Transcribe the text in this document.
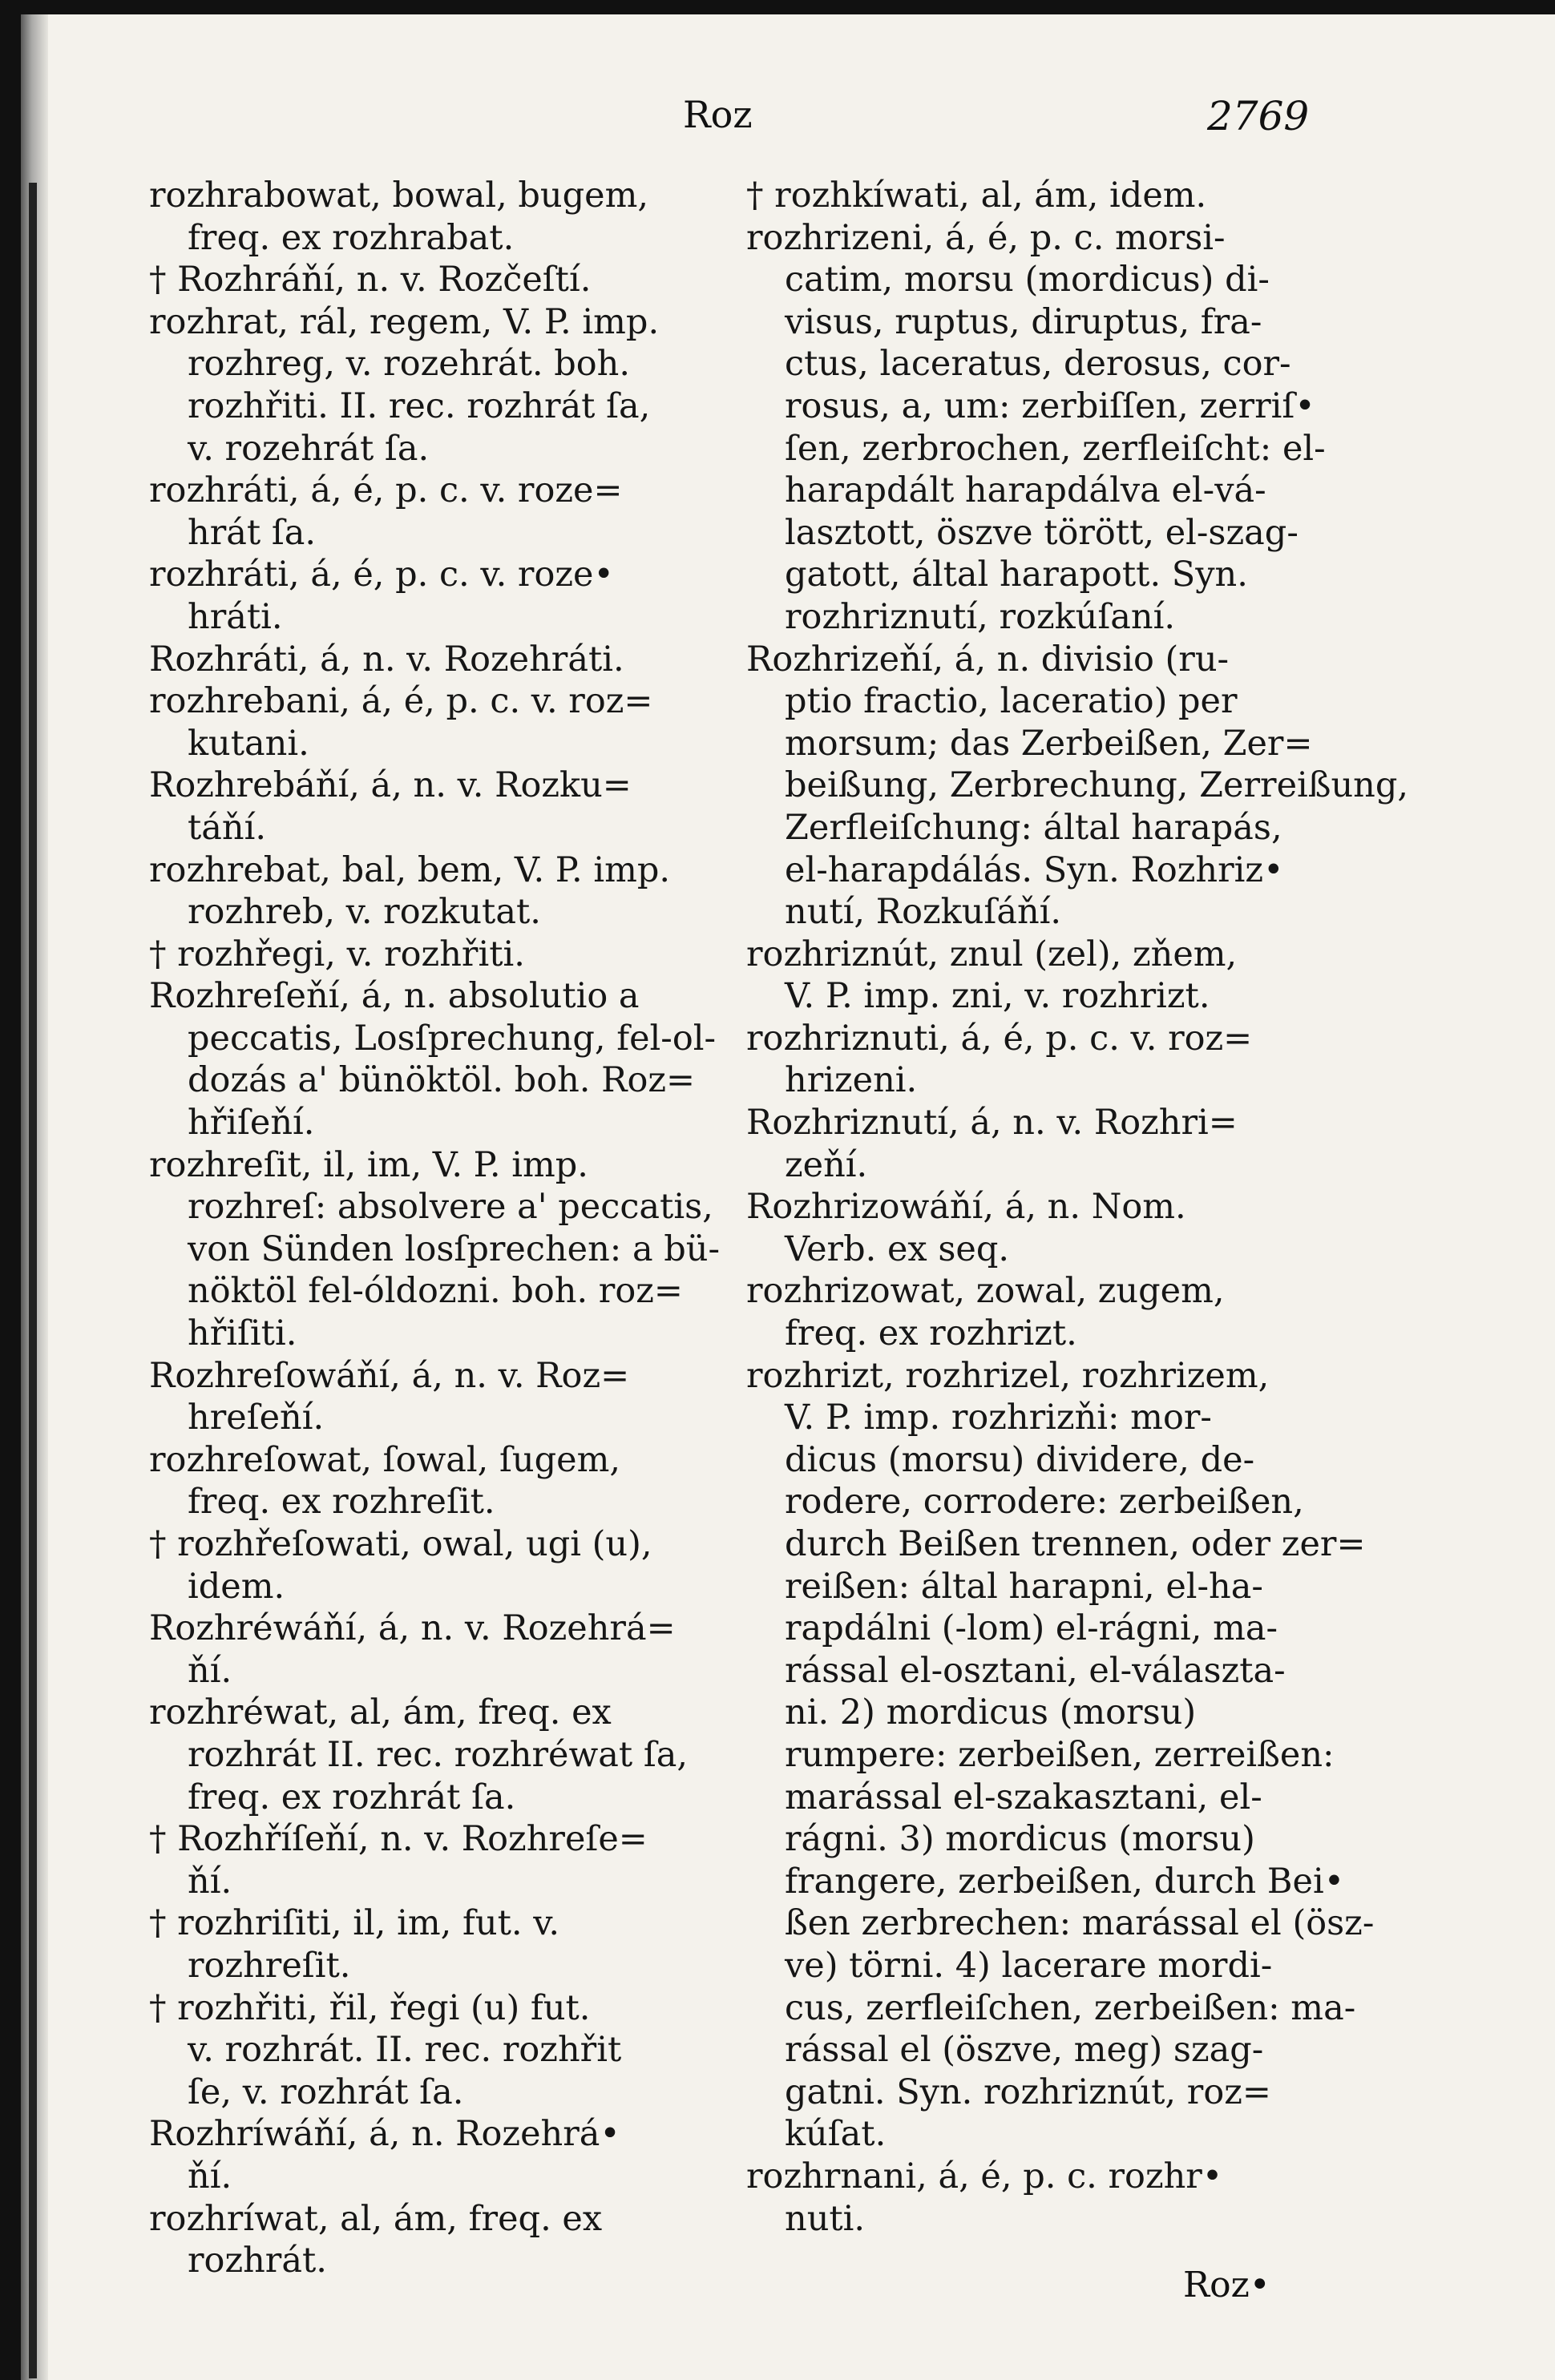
Roz	2769
rozhrabowat, bowal, bugem,
freq. ex rozhrabat.
† Rozhráňí, n. v. Rozčeſtí.
rozhrat, rál, regem, V. P. imp.
rozhreg, v. rozehrát. boh.
rozhřiti. II. rec. rozhrát ſa,
v. rozehrát ſa.
rozhráti, á, é, p. c. v. roze=
hrát ſa.
rozhráti, á, é, p. c. v. roze•
hráti.
Rozhráti, á, n. v. Rozehráti.
rozhrebani, á, é, p. c. v. roz=
kutani.
Rozhrebáňí, á, n. v. Rozku=
táňí.
rozhrebat, bal, bem, V. P. imp.
rozhreb, v. rozkutat.
† rozhřegi, v. rozhřiti.
Rozhreſeňí, á, n. absolutio a
peccatis, Losſprechung, fel-ol-
dozás a' bünöktöl. boh. Roz=
hřiſeňí.
rozhreſit, il, im, V. P. imp.
rozhreſ: absolvere a' peccatis,
von Sünden losſprechen: a bü-
nöktöl fel-óldozni. boh. roz=
hřiſiti.
Rozhreſowáňí, á, n. v. Roz=
hreſeňí.
rozhreſowat, ſowal, ſugem,
freq. ex rozhreſit.
† rozhřeſowati, owal, ugi (u),
idem.
Rozhréwáňí, á, n. v. Rozehrá=
ňí.
rozhréwat, al, ám, freq. ex
rozhrát II. rec. rozhréwat ſa,
freq. ex rozhrát ſa.
† Rozhříſeňí, n. v. Rozhreſe=
ňí.
† rozhriſiti, il, im, fut. v.
rozhreſit.
† rozhřiti, řil, řegi (u) fut.
v. rozhrát. II. rec. rozhřit
ſe, v. rozhrát ſa.
Rozhríwáňí, á, n. Rozehrá•
ňí.
rozhríwat, al, ám, freq. ex
rozhrát.
† rozhkíwati, al, ám, idem.
rozhrizeni, á, é, p. c. morsi-
catim, morsu (mordicus) di-
visus, ruptus, diruptus, fra-
ctus, laceratus, derosus, cor-
rosus, a, um: zerbiſſen, zerriſ•
ſen, zerbrochen, zerfleiſcht: el-
harapdált harapdálva el-vá-
lasztott, öszve törött, el-szag-
gatott, által harapott. Syn.
rozhriznutí, rozkúſaní.
Rozhrizeňí, á, n. divisio (ru-
ptio fractio, laceratio) per
morsum; das Zerbeißen, Zer=
beißung, Zerbrechung, Zerreißung,
Zerfleiſchung: által harapás,
el-harapdálás. Syn. Rozhriz•
nutí, Rozkuſáňí.
rozhriznút, znul (zel), zňem,
V. P. imp. zni, v. rozhrizt.
rozhriznuti, á, é, p. c. v. roz=
hrizeni.
Rozhriznutí, á, n. v. Rozhri=
zeňí.
Rozhrizowáňí, á, n. Nom.
Verb. ex seq.
rozhrizowat, zowal, zugem,
freq. ex rozhrizt.
rozhrizt, rozhrizel, rozhrizem,
V. P. imp. rozhrizňi: mor-
dicus (morsu) dividere, de-
rodere, corrodere: zerbeißen,
durch Beißen trennen, oder zer=
reißen: által harapni, el-ha-
rapdálni (-lom) el-rágni, ma-
rással el-osztani, el-választa-
ni. 2) mordicus (morsu)
rumpere: zerbeißen, zerreißen:
marással el-szakasztani, el-
rágni. 3) mordicus (morsu)
frangere, zerbeißen, durch Bei•
ßen zerbrechen: marással el (ösz-
ve) törni. 4) lacerare mordi-
cus, zerfleiſchen, zerbeißen: ma-
rással el (öszve, meg) szag-
gatni. Syn. rozhriznút, roz=
kúſat.
rozhrnani, á, é, p. c. rozhr•
nuti.
Roz•
